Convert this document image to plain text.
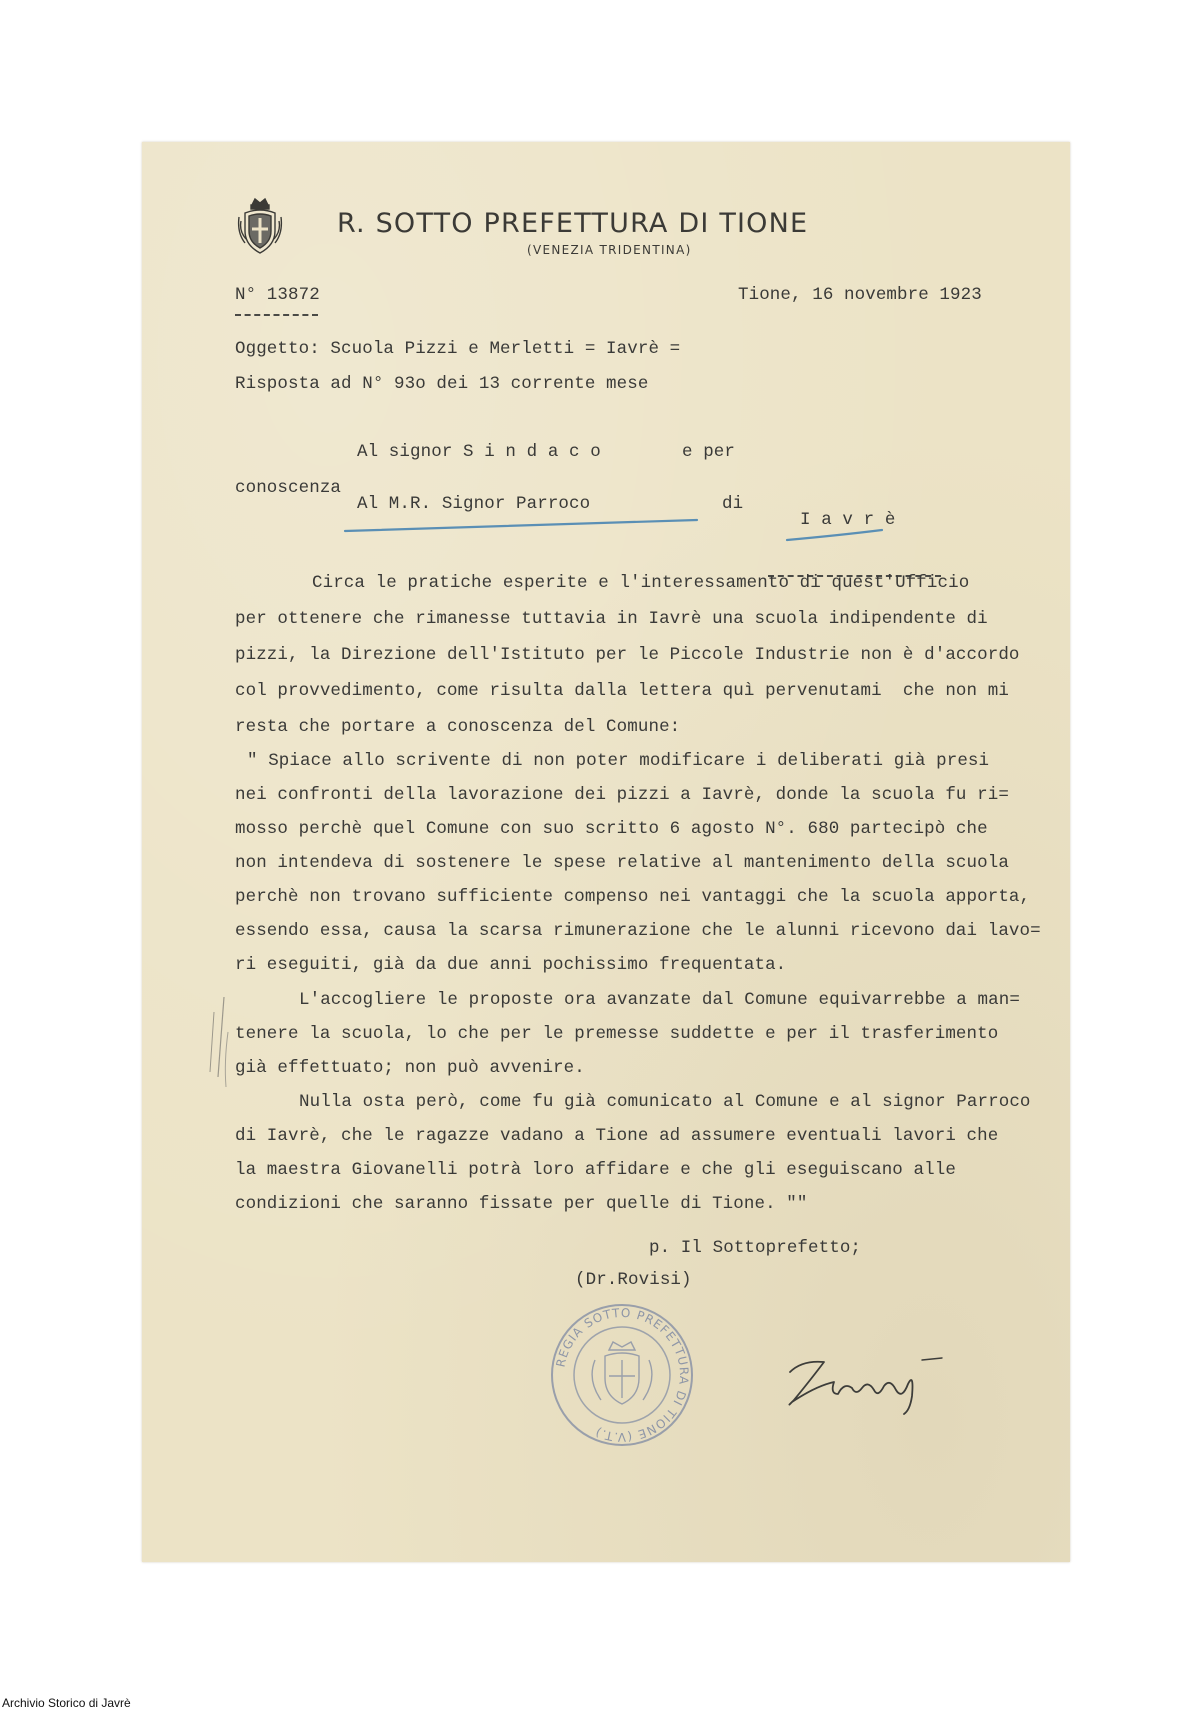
R. SOTTO PREFETTURA DI TIONE
(VENEZIA TRIDENTINA)
N° 13872	Tione, 16 novembre 1923
Oggetto: Scuola Pizzi e Merletti = Iavrè =
Risposta ad N° 93o dei 13 corrente mese
Al signor S i n d a c o	e per
conoscenza
Al M.R. Signor Parroco	di
I a v r è
Circa le pratiche esperite e l'interessamento di quest'Ufficio
per ottenere che rimanesse tuttavia in Iavrè una scuola indipendente di
pizzi, la Direzione dell'Istituto per le Piccole Industrie non è d'accordo
col provvedimento, come risulta dalla lettera quì pervenutami  che non mi
resta che portare a conoscenza del Comune:
" Spiace allo scrivente di non poter modificare i deliberati già presi
nei confronti della lavorazione dei pizzi a Iavrè, donde la scuola fu ri=
mosso perchè quel Comune con suo scritto 6 agosto N°. 680 partecipò che
non intendeva di sostenere le spese relative al mantenimento della scuola
perchè non trovano sufficiente compenso nei vantaggi che la scuola apporta,
essendo essa, causa la scarsa rimunerazione che le alunni ricevono dai lavo=
ri eseguiti, già da due anni pochissimo frequentata.
L'accogliere le proposte ora avanzate dal Comune equivarrebbe a man=
tenere la scuola, lo che per le premesse suddette e per il trasferimento
già effettuato; non può avvenire.
Nulla osta però, come fu già comunicato al Comune e al signor Parroco
di Iavrè, che le ragazze vadano a Tione ad assumere eventuali lavori che
la maestra Giovanelli potrà loro affidare e che gli eseguiscano alle
condizioni che saranno fissate per quelle di Tione. ""
REGIA SOTTO PREFETTURA DI TIONE (V.T.)
p. Il Sottoprefetto;
(Dr.Rovisi)
Archivio Storico di Javrè
